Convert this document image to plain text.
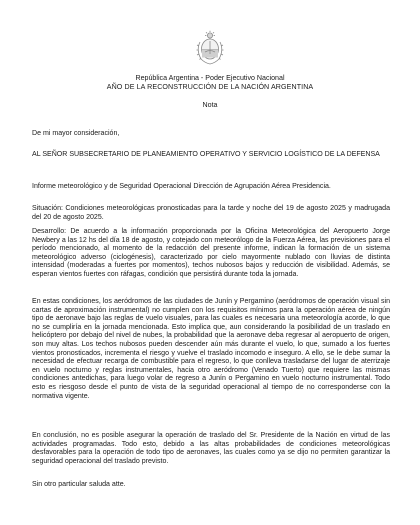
República Argentina - Poder Ejecutivo Nacional
AÑO DE LA RECONSTRUCCIÓN DE LA NACIÓN ARGENTINA
Nota

De mi mayor consideración,

AL SEÑOR SUBSECRETARIO DE PLANEAMIENTO OPERATIVO Y SERVICIO LOGÍSTICO DE LA DEFENSA

Informe meteorológico y de Seguridad Operacional Dirección de Agrupación Aérea Presidencia.

Situación: Condiciones meteorológicas pronosticadas para la tarde y noche del 19 de agosto 2025 y madrugada del 20 de agosto 2025.

Desarrollo: De acuerdo a la información proporcionada por la Oficina Meteorológica del Aeropuerto Jorge Newbery a las 12 hs del día 18 de agosto, y cotejado con meteorólogo de la Fuerza Aérea, las previsiones para el período mencionado, al momento de la redacción del presente informe, indican la formación de un sistema meteorológico adverso (ciclogénesis), caracterizado por cielo mayormente nublado con lluvias de distinta intensidad (moderadas a fuertes por momentos), techos nubosos bajos y reducción de visibilidad. Además, se esperan vientos fuertes con ráfagas, condición que persistirá durante toda la jornada.

En estas condiciones, los aeródromos de las ciudades de Junín y Pergamino (aeródromos de operación visual sin cartas de aproximación instrumental) no cumplen con los requisitos mínimos para la operación aérea de ningún tipo de aeronave bajo las reglas de vuelo visuales, para las cuales es necesaria una meteorología acorde, lo que no se cumpliría en la jornada mencionada. Esto implica que, aun considerando la posibilidad de un traslado en helicóptero por debajo del nivel de nubes, la probabilidad que la aeronave deba regresar al aeropuerto de origen, son muy altas. Los techos nubosos pueden descender aún más durante el vuelo, lo que, sumado a los fuertes vientos pronosticados, incrementa el riesgo y vuelve el traslado incomodo e inseguro. A ello, se le debe sumar la necesidad de efectuar recarga de combustible para el regreso, lo que conlleva trasladarse del lugar de aterrizaje en vuelo nocturno y reglas instrumentales, hacia otro aeródromo (Venado Tuerto) que requiere las mismas condiciones antedichas, para luego volar de regreso a Junín o Pergamino en vuelo nocturno instrumental. Todo esto es riesgoso desde el punto de vista de la seguridad operacional al tiempo de no corresponderse con la normativa vigente.

En conclusión, no es posible asegurar la operación de traslado del Sr. Presidente de la Nación en virtud de las actividades programadas. Todo esto, debido a las altas probabilidades de condiciones meteorológicas desfavorables para la operación de todo tipo de aeronaves, las cuales como ya se dijo no permiten garantizar la seguridad operacional del traslado previsto.

Sin otro particular saluda atte.
